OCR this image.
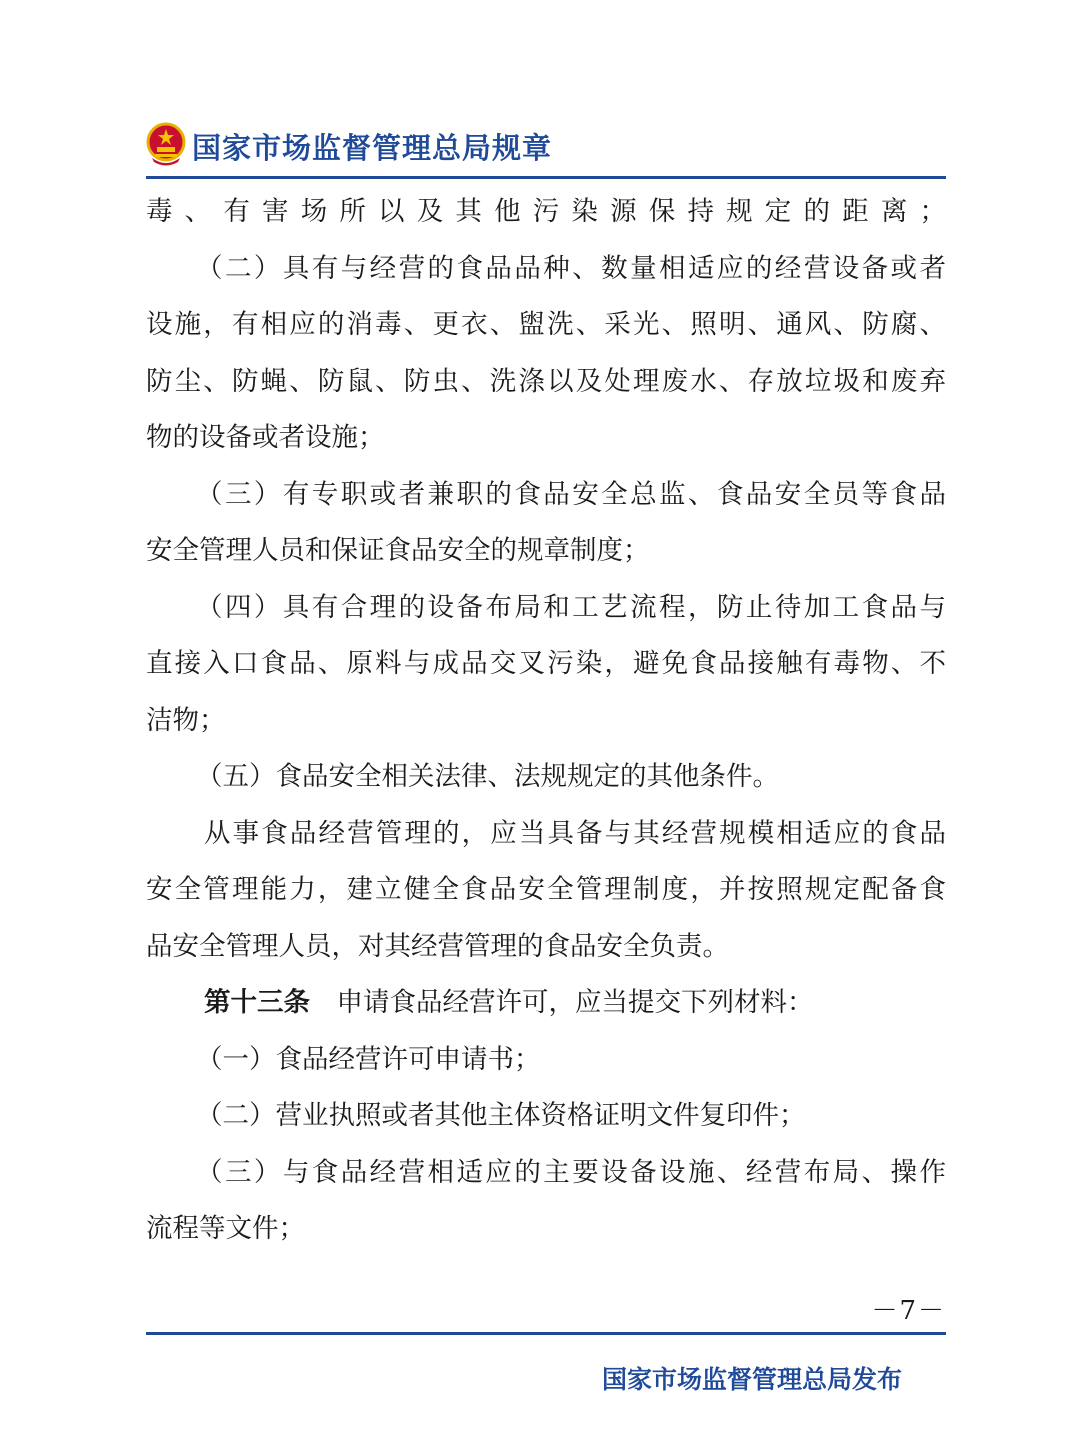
国家市场监督管理总局规章
毒、有害场所以及其他污染源保持规定的距离；
（二）具有与经营的食品品种、数量相适应的经营设备或者
设施，有相应的消毒、更衣、盥洗、采光、照明、通风、防腐、
防尘、防蝇、防鼠、防虫、洗涤以及处理废水、存放垃圾和废弃
物的设备或者设施；
（三）有专职或者兼职的食品安全总监、食品安全员等食品
安全管理人员和保证食品安全的规章制度；
（四）具有合理的设备布局和工艺流程，防止待加工食品与
直接入口食品、原料与成品交叉污染，避免食品接触有毒物、不
洁物；
（五）食品安全相关法律、法规规定的其他条件。
从事食品经营管理的，应当具备与其经营规模相适应的食品
安全管理能力，建立健全食品安全管理制度，并按照规定配备食
品安全管理人员，对其经营管理的食品安全负责。
第十三条　 申请食品经营许可，应当提交下列材料：
（一）食品经营许可申请书；
（二）营业执照或者其他主体资格证明文件复印件；
（三）与食品经营相适应的主要设备设施、经营布局、操作
流程等文件；
－7－
国家市场监督管理总局发布
